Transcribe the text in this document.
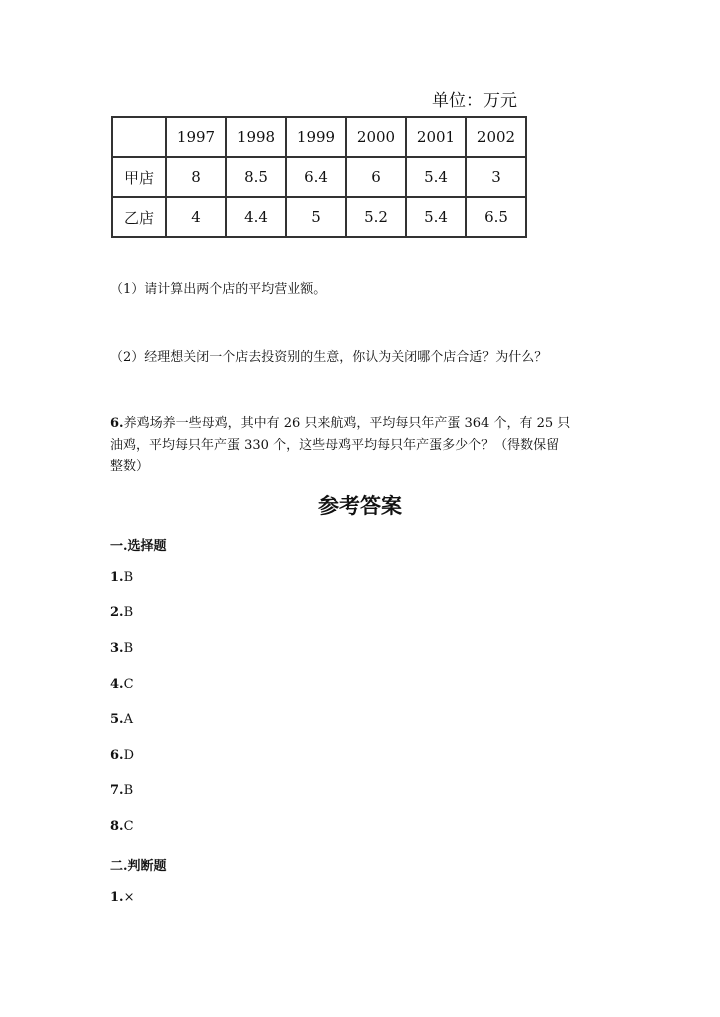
单位：万元
	1997	1998	1999	2000	2001	2002
甲店	8	8.5	6.4	6	5.4	3
乙店	4	4.4	5	5.2	5.4	6.5
（1）请计算出两个店的平均营业额。
（2）经理想关闭一个店去投资别的生意，你认为关闭哪个店合适？为什么？
6.养鸡场养一些母鸡，其中有 26 只来航鸡，平均每只年产蛋 364 个，有 25 只
油鸡，平均每只年产蛋 330 个，这些母鸡平均每只年产蛋多少个？（得数保留
整数）
参考答案
一.选择题
1.B
2.B
3.B
4.C
5.A
6.D
7.B
8.C
二.判断题
1.×
